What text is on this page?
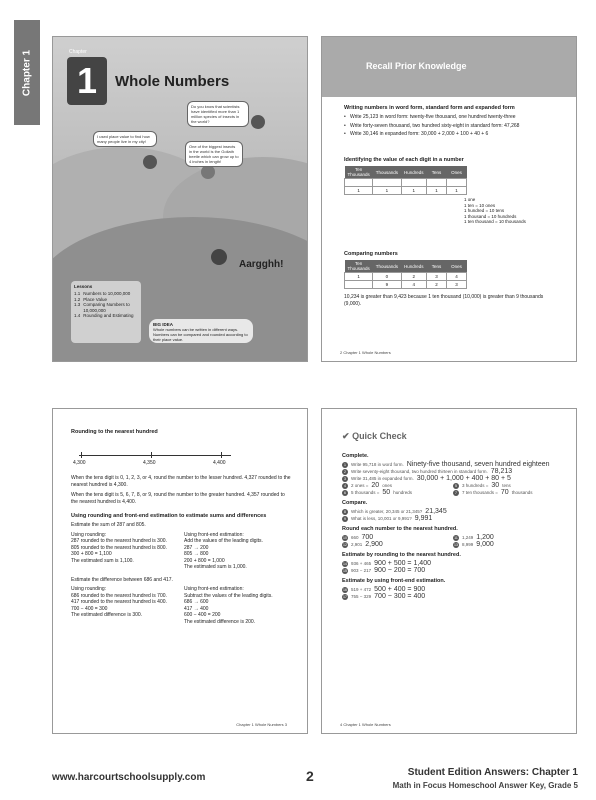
Chapter 1 1
Chapter
Whole Numbers
I used place value to find how many people live in my city!
Do you know that scientists have identified more than 1 million species of insects in the world?
One of the biggest insects in the world is the Goliath beetle which can grow up to 4 inches in length!
Aargghh!
Lessons
1.1 Numbers to 10,000,000
1.2 Place Value
1.3 Comparing Numbers to 10,000,000
1.4 Rounding and Estimating
BIG IDEA
Whole numbers can be written in different ways. Numbers can be compared and rounded according to their place value.
Recall Prior Knowledge
Writing numbers in word form, standard form and expanded form
• Write 25,123 in word form: twenty-five thousand, one hundred twenty-three
• Write forty-seven thousand, two hundred sixty-eight in standard form: 47,268
• Write 30,146 in expanded form: 30,000 + 2,000 + 100 + 40 + 6
Identifying the value of each digit in a number
Ten Thousands	Thousands	Hundreds	Tens	Ones

1	1	1	1	1
1 one
1 ten = 10 ones
1 hundred = 10 tens
1 thousand = 10 hundreds
1 ten thousand = 10 thousands
Comparing numbers
Ten Thousands	Thousands	Hundreds	Tens	Ones
1	0	2	3	4
	9	4	2	3
10,234 is greater than 9,423 because 1 ten thousand (10,000) is greater than 9 thousands (9,000).
2 Chapter 1 Whole Numbers
Rounding to the nearest hundred
4,300	4,350	4,400
When the tens digit is 0, 1, 2, 3, or 4, round the number to the lesser hundred. 4,327 rounded to the nearest hundred is 4,300.
When the tens digit is 5, 6, 7, 8, or 9, round the number to the greater hundred. 4,357 rounded to the nearest hundred is 4,400.
Using rounding and front-end estimation to estimate sums and differences
Estimate the sum of 287 and 805.
Using rounding:
287 rounded to the nearest hundred is 300.
805 rounded to the nearest hundred is 800.
300 + 800 = 1,100
The estimated sum is 1,100.
Using front-end estimation:
Add the values of the leading digits.
287 → 200
805 → 800
200 + 800 = 1,000
The estimated sum is 1,000.
Estimate the difference between 686 and 417.
Using rounding:
686 rounded to the nearest hundred is 700.
417 rounded to the nearest hundred is 400.
700 − 400 = 300
The estimated difference is 300.
Using front-end estimation:
Subtract the values of the leading digits.
686 → 600
417 → 400
600 − 400 = 200
The estimated difference is 200.
Chapter 1 Whole Numbers 3
✔ Quick Check
Complete.
1	Write 95,718 in word form. Ninety-five thousand, seven hundred eighteen
2	Write seventy-eight thousand, two hundred thirteen in standard form. 78,213
3	Write 31,485 in expanded form. 30,000 + 1,000 + 400 + 80 + 5
4	2 ones = 20 ones	5	3 hundreds = 30 tens
6	5 thousands = 50 hundreds	7	7 ten thousands = 70 thousands
Compare.
8	Which is greater, 20,345 or 21,345? 21,345
9	What is less, 10,001 or 9,991? 9,991
Round each number to the nearest hundred.
10 660 700	11 1,249 1,200
12 2,901 2,900	13 8,999 9,000
Estimate by rounding to the nearest hundred.
14 936 + 465 900 + 500 = 1,400
15 903 − 217 900 − 200 = 700
Estimate by using front-end estimation.
16 519 + 472 500 + 400 = 900
17 755 − 329 700 − 300 = 400
4 Chapter 1 Whole Numbers
www.harcourtschoolsupply.com	2	Student Edition Answers: Chapter 1
Math in Focus Homeschool Answer Key, Grade 5
